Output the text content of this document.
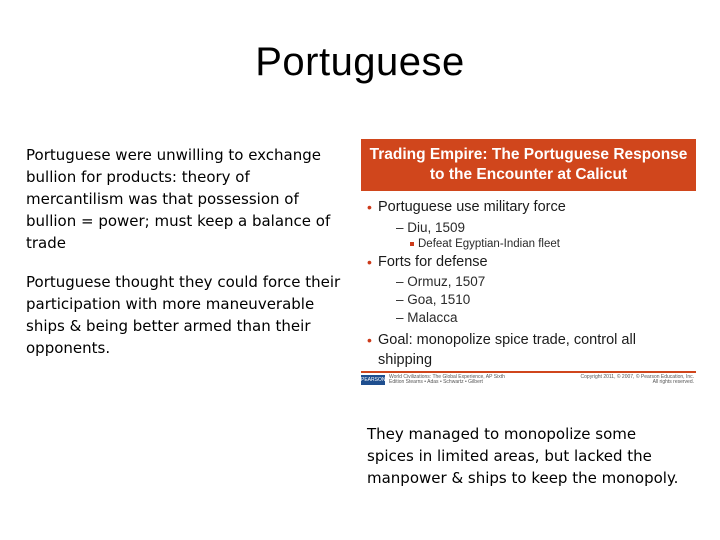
Portuguese
Portuguese were unwilling to exchange bullion for products: theory of mercantilism was that possession of bullion = power; must keep a balance of trade
Portuguese thought they could force their participation with more maneuverable ships & being better armed than their opponents.
Trading Empire: The Portuguese Response to the Encounter at Calicut
• Portuguese use military force
– Diu, 1509
Defeat Egyptian-Indian fleet
• Forts for defense
– Ormuz, 1507
– Goa, 1510
– Malacca
• Goal: monopolize spice trade, control all shipping
PEARSON World Civilizations: The Global Experience, AP Sixth Edition Stearns • Adas • Schwartz • Gilbert
Copyright 2011, © 2007, © Pearson Education, Inc. All rights reserved.
They managed to monopolize some spices in limited areas, but lacked the manpower & ships to keep the monopoly.
